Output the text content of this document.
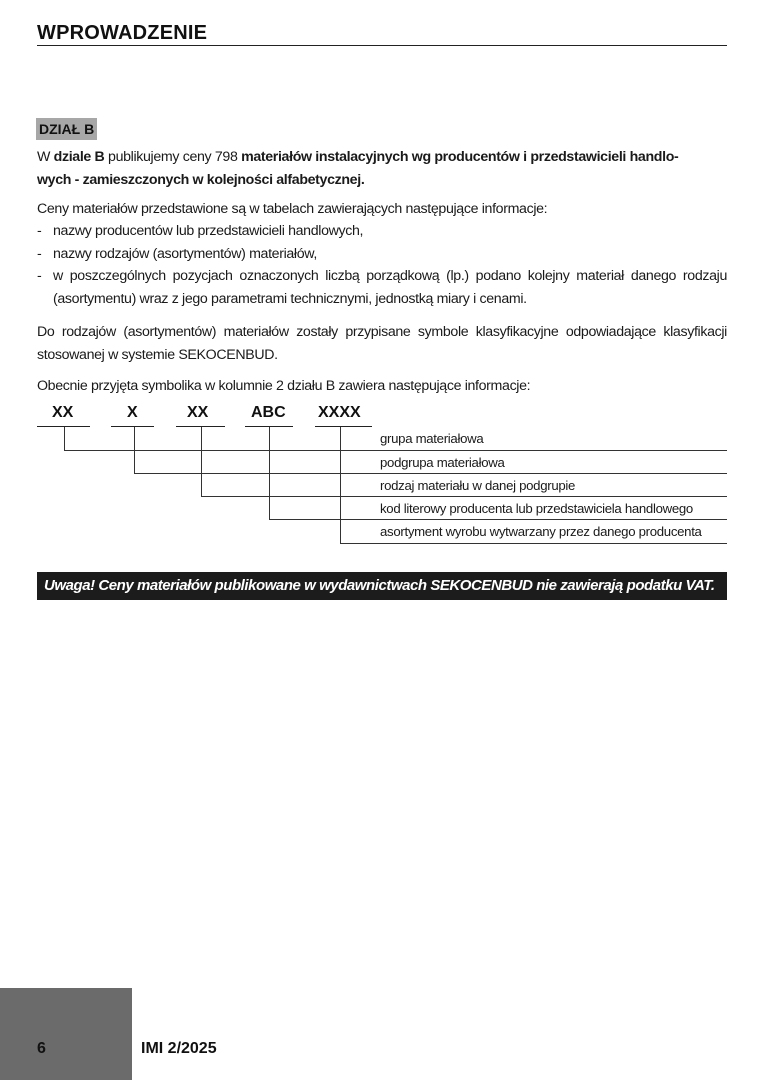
WPROWADZENIE
DZIAŁ B
W dziale B publikujemy ceny 798 materiałów instalacyjnych wg producentów i przedstawicieli handlo-
wych - zamieszczonych w kolejności alfabetycznej.
Ceny materiałów przedstawione są w tabelach zawierających następujące informacje:
- nazwy producentów lub przedstawicieli handlowych,
- nazwy rodzajów (asortymentów) materiałów,
- w poszczególnych pozycjach oznaczonych liczbą porządkową (lp.) podano kolejny materiał danego rodzaju (asortymentu) wraz z jego parametrami technicznymi, jednostką miary i cenami.
Do rodzajów (asortymentów) materiałów zostały przypisane symbole klasyfikacyjne odpowiadające klasyfikacji stosowanej w systemie SEKOCENBUD.
Obecnie przyjęta symbolika w kolumnie 2 działu B zawiera następujące informacje:
XX	X	XX	ABC XXXX
grupa materiałowa
podgrupa materiałowa
rodzaj materiału w danej podgrupie
kod literowy producenta lub przedstawiciela handlowego
asortyment wyrobu wytwarzany przez danego producenta
Uwaga! Ceny materiałów publikowane w wydawnictwach SEKOCENBUD nie zawierają podatku VAT.
6	IMI 2/2025
